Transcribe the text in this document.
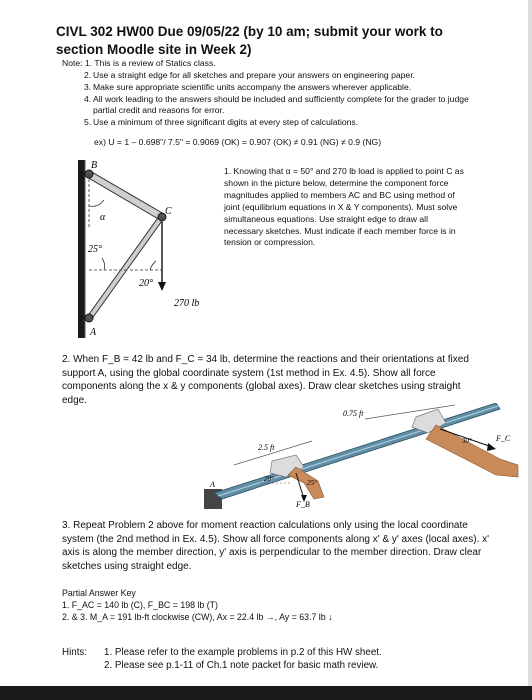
CIVL 302 HW00 Due 09/05/22 (by 10 am; submit your work to
section Moodle site in Week 2)
Note: 1. This is a review of Statics class.
2. Use a straight edge for all sketches and prepare your answers on engineering paper.
3. Make sure appropriate scientific units accompany the answers wherever applicable.
4. All work leading to the answers should be included and sufficiently complete for the grader to judge partial credit and reasons for error.
5. Use a minimum of three significant digits at every step of calculations.
ex) U = 1 – 0.698"/ 7.5" = 0.9069 (OK) = 0.907 (OK) ≠ 0.91 (NG) ≠ 0.9 (NG)
B
C
A
α
25°
20°
270 lb
1. Knowing that α = 50° and 270 lb load is applied to point C as shown in the picture below, determine the component force magnitudes applied to members AC and BC using method of joint (equilibrium equations in X & Y components). Must solve simultaneous equations. Use straight edge to draw all necessary sketches. Must indicate if each member force is in tension or compression.
2. When F_B = 42 lb and F_C = 34 lb, determine the reactions and their orientations at fixed support A, using the global coordinate system (1st method in Ex. 4.5). Show all force components along the x & y components (global axes). Draw clear sketches using straight edge.
2.5 ft
0.75 ft
F_B
25°
30°	F_C
20°
A
3. Repeat Problem 2 above for moment reaction calculations only using the local coordinate system (the 2nd method in Ex. 4.5). Show all force components along x' & y' axes (local axes). x' axis is along the member direction, y' axis is perpendicular to the member direction. Draw clear sketches using straight edge.
Partial Answer Key
1. F_AC = 140 lb (C), F_BC = 198 lb (T)
2. & 3. M_A = 191 lb-ft clockwise (CW), Ax = 22.4 lb →, Ay = 63.7 lb ↓
Hints: 1. Please refer to the example problems in p.2 of this HW sheet.
2. Please see p.1-11 of Ch.1 note packet for basic math review.
